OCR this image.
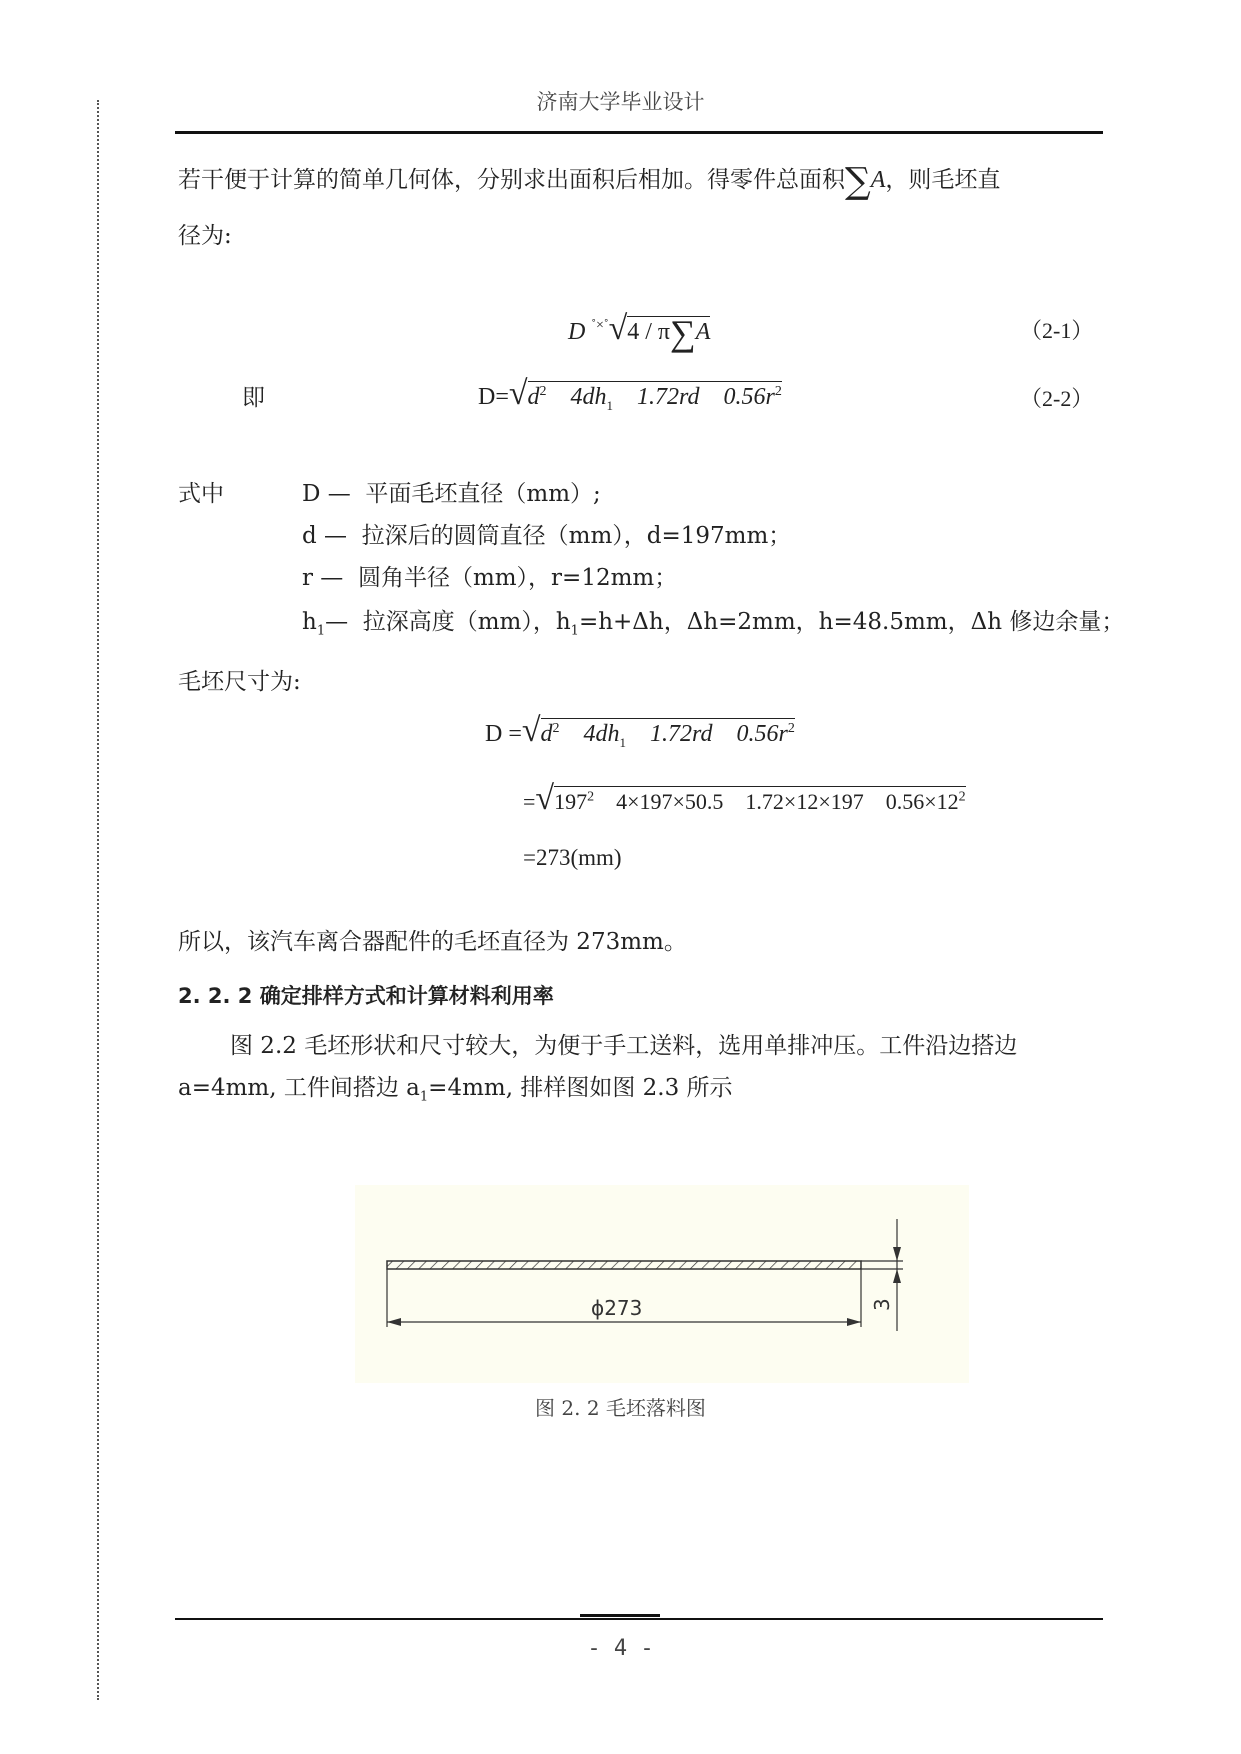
济南大学毕业设计
若干便于计算的简单几何体，分别求出面积后相加。得零件总面积∑A，则毛坯直
径为:
D ˚×˚√4 / π∑A	（2-1）
即	$D=√d^2$ $4dh_1$ 1.72rd $0.56r^2$	（2-2）
式中	D — 平面毛坯直径（mm）;
d — 拉深后的圆筒直径（mm），d=197mm；
r — 圆角半径（mm），r=12mm；
$h_1—$ 拉深高度（mm），$h_1=h+\Delta h$，Δh=2mm，h=48.5mm，Δh 修边余量；
毛坯尺寸为:
$D =√d^2$ $4dh_1$ 1.72rd $0.56r^2$
$=√197^2$ 4×197×50.5 1.72×12×197 $0.56\times 12^2$
=273(mm)
所以，该汽车离合器配件的毛坯直径为 273mm。
2. 2. 2 确定排样方式和计算材料利用率
图 2.2 毛坯形状和尺寸较大，为便于手工送料，选用单排冲压。工件沿边搭边
a=4mm, 工件间搭边 $a_1=4mm$, 排样图如图 2.3 所示
ϕ273	3
图 2. 2 毛坯落料图
- 4 -
